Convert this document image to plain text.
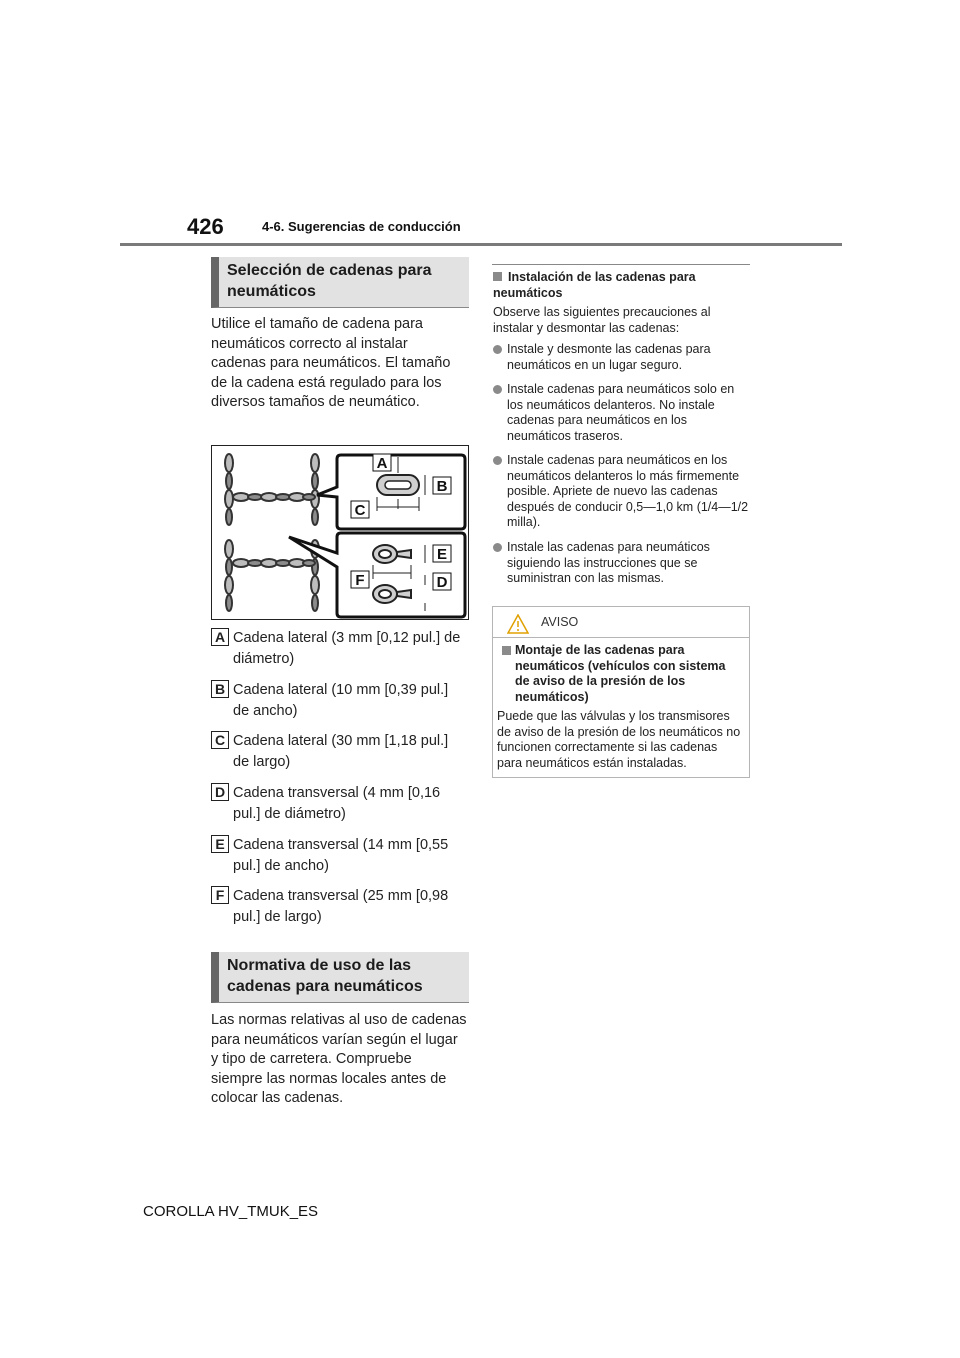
426	4-6. Sugerencias de conducción
Selección de cadenas para neumáticos
Utilice el tamaño de cadena para neumáticos correcto al instalar cadenas para neumáticos. El tamaño de la cadena está regulado para los diversos tamaños de neumático.
A
B
C
E
F	D
A Cadena lateral (3 mm [0,12 pul.] de diámetro)
B Cadena lateral (10 mm [0,39 pul.] de ancho)
C Cadena lateral (30 mm [1,18 pul.] de largo)
D Cadena transversal (4 mm [0,16 pul.] de diámetro)
E Cadena transversal (14 mm [0,55 pul.] de ancho)
F Cadena transversal (25 mm [0,98 pul.] de largo)
Normativa de uso de las cadenas para neumáticos
Las normas relativas al uso de cadenas para neumáticos varían según el lugar y tipo de carretera. Compruebe siempre las normas locales antes de colocar las cadenas.
Instalación de las cadenas para neumáticos
Observe las siguientes precauciones al instalar y desmontar las cadenas:
Instale y desmonte las cadenas para neumáticos en un lugar seguro.
Instale cadenas para neumáticos solo en los neumáticos delanteros. No instale cadenas para neumáticos en los neumáticos traseros.
Instale cadenas para neumáticos en los neumáticos delanteros lo más firmemente posible. Apriete de nuevo las cadenas después de conducir 0,5—1,0 km (1/4—1/2 milla).
Instale las cadenas para neumáticos siguiendo las instrucciones que se suministran con las mismas.
AVISO
Montaje de las cadenas para neumáticos (vehículos con sistema de aviso de la presión de los neumáticos)
Puede que las válvulas y los transmisores de aviso de la presión de los neumáticos no funcionen correctamente si las cadenas para neumáticos están instaladas.
COROLLA HV_TMUK_ES
